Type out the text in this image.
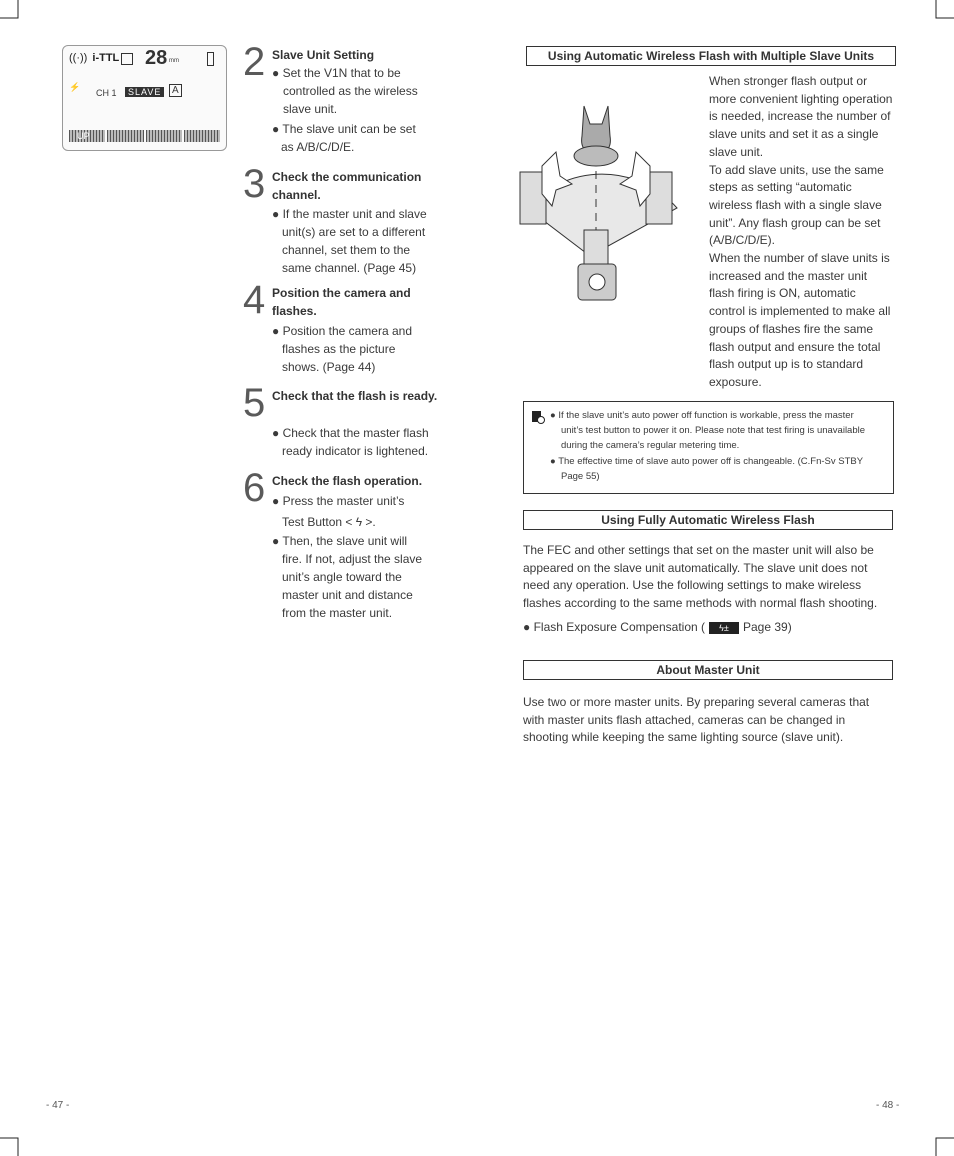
((·)) i-TTL 28 mm
⚡
CH 1	SLAVE	A
UP
2 Slave Unit Setting
● Set the V1N that to be
controlled as the wireless
slave unit.
● The slave unit can be set
as A/B/C/D/E.
3 Check the communication channel.
● If the master unit and slave
unit(s) are set to a different
channel, set them to the
same channel. (Page 45)
4 Position the camera and flashes.
● Position the camera and
flashes as the picture
shows. (Page 44)
5 Check that the flash is ready.
● Check that the master flash
ready indicator is lightened.
6 Check the flash operation.
● Press the master unit’s
Test Button < ϟ >.
● Then, the slave unit will
fire. If not, adjust the slave
unit’s angle toward the
master unit and distance
from the master unit.
Using Automatic Wireless Flash with Multiple Slave Units
When stronger flash output or
more convenient lighting operation
is needed, increase the number of
slave units and set it as a single
slave unit.
To add slave units, use the same
steps as setting “automatic
wireless flash with a single slave
unit”. Any flash group can be set
(A/B/C/D/E).
When the number of slave units is
increased and the master unit
flash firing is ON, automatic
control is implemented to make all
groups of flashes fire the same
flash output and ensure the total
flash output up is to standard
exposure.
● If the slave unit’s auto power off function is workable, press the master
unit’s test button to power it on. Please note that test firing is unavailable
during the camera’s regular metering time.
● The effective time of slave auto power off is changeable. (C.Fn-Sv STBY
Page 55)
Using Fully Automatic Wireless Flash
The FEC and other settings that set on the master unit will also be
appeared on the slave unit automatically. The slave unit does not
need any operation. Use the following settings to make wireless
flashes according to the same methods with normal flash shooting.
● Flash Exposure Compensation ( ϟ± Page 39)
About Master Unit
Use two or more master units. By preparing several cameras that
with master units flash attached, cameras can be changed in
shooting while keeping the same lighting source (slave unit).
- 47 -	- 48 -
